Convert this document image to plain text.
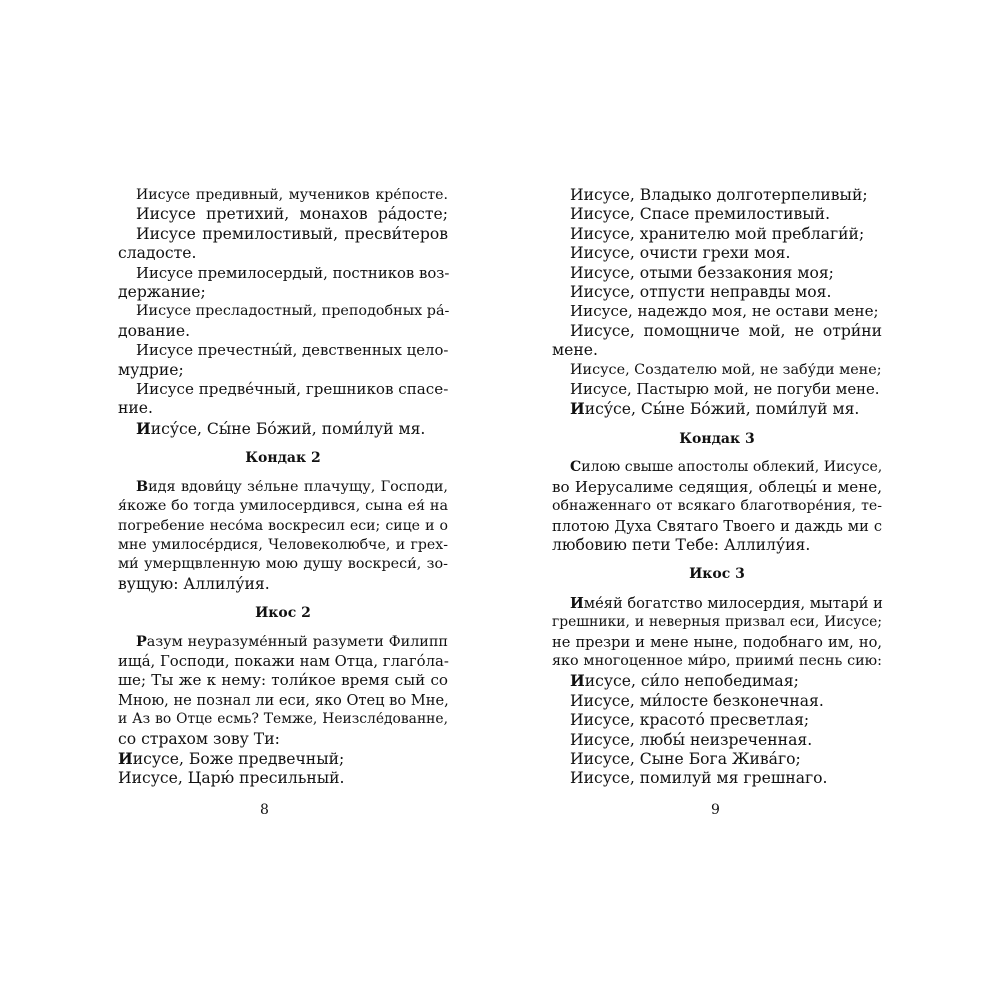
Иисусе предивный, мучеников кре́посте.
Иисусе претихий, монахов ра́досте;
Иисусе премилостивый, пресви́теров
сладосте.
Иисусе премилосердый, постников воз-
держание;
Иисусе пресладостный, преподобных ра́-
дование.
Иисусе пречестны́й, девственных цело-
мудрие;
Иисусе предве́чный, грешников спасе-
ние.
Иису́се, Сы́не Бо́жий, поми́луй мя.
Кондак 2
Видя вдови́цу зе́льне плачущу, Господи,
я́коже бо тогда умилосердився, сына ея́ на
погребение несо́ма воскресил еси; сице и о
мне умилосе́рдися, Человеколюбче, и грех-
ми́ умерщвленную мою душу воскреси́, зо-
вущую: Аллилу́ия.
Икос 2
Разум неуразуме́нный разумети Филипп
ища́, Господи, покажи нам Отца, глаго́ла-
ше; Ты же к нему: толи́кое время сый со
Мною, не познал ли еси, яко Отец во Мне,
и Аз во Отце есмь? Темже, Неизсле́дованне,
со страхом зову Ти:
Иисусе, Боже предвечный;
Иисусе, Царю́ пресильный.
8
Иисусе, Владыко долготерпеливый;
Иисусе, Спасе премилостивый.
Иисусе, хранителю мой преблаги́й;
Иисусе, очисти грехи моя.
Иисусе, отыми беззакония моя;
Иисусе, отпусти неправды моя.
Иисусе, надеждо моя, не остави мене;
Иисусе, помощниче мой, не отри́ни
мене.
Иисусе, Создателю мой, не забу́ди мене;
Иисусе, Пастырю мой, не погуби мене.
Иису́се, Сы́не Бо́жий, поми́луй мя.
Кондак 3
Силою свыше апостолы облекий́, Иисусе,
во Иерусалиме седящия, облецы́ и мене,
обнаженнаго от всякаго благотворе́ния, те-
плотою Духа Святаго Твоего и даждь ми с
любовию пети Тебе: Аллилу́ия.
Икос 3
Име́яй богатство милосердия, мытари́ и
грешники, и неверныя призвал еси, Иисусе;
не презри и мене ныне, подобнаго им, но,
яко многоценное ми́ро, приими́ песнь сию:
Иисусе, си́ло непобедимая;
Иисусе, ми́лосте безконечная.
Иисусе, красото́ пресветлая;
Иисусе, любы́ неизреченная.
Иисусе, Сыне Бога Жива́го;
Иисусе, помилуй мя грешнаго.
9
